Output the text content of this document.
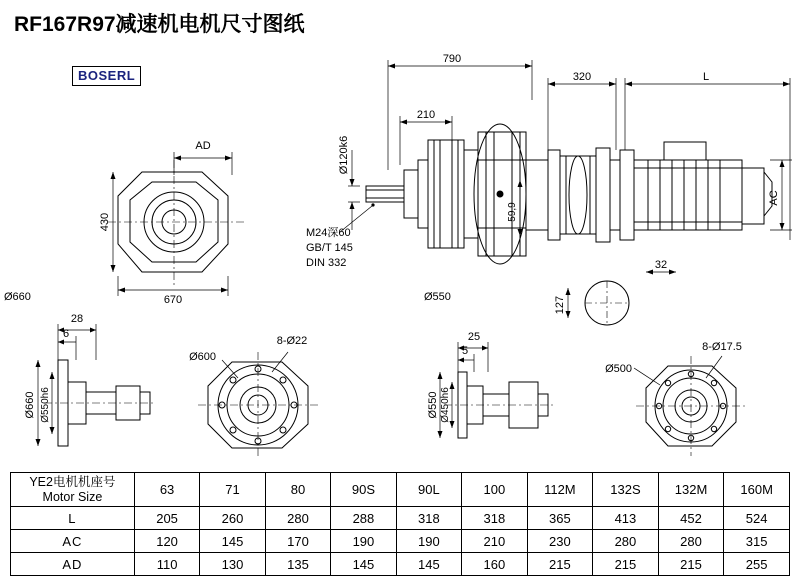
RF167R97减速机电机尺寸图纸
BOSERL
790
320	L
210
Ø120k6
59,9
AC
32
127
AD
430
670
M24深60
GB/T 145
DIN 332
Ø660
Ø660 Ø550h6
28
6
8-Ø22
Ø600
Ø550
Ø550 Ø450h6
25
5	8-Ø17.5
Ø500
YE2电机机座号
Motor Size	63	71	80	90S	90L	100	112M	132S	132M	160M
L	205	260	280	288	318	318	365	413	452	524
AC	120	145	170	190	190	210	230	280	280	315
AD	110	130	135	145	145	160	215	215	215	255
